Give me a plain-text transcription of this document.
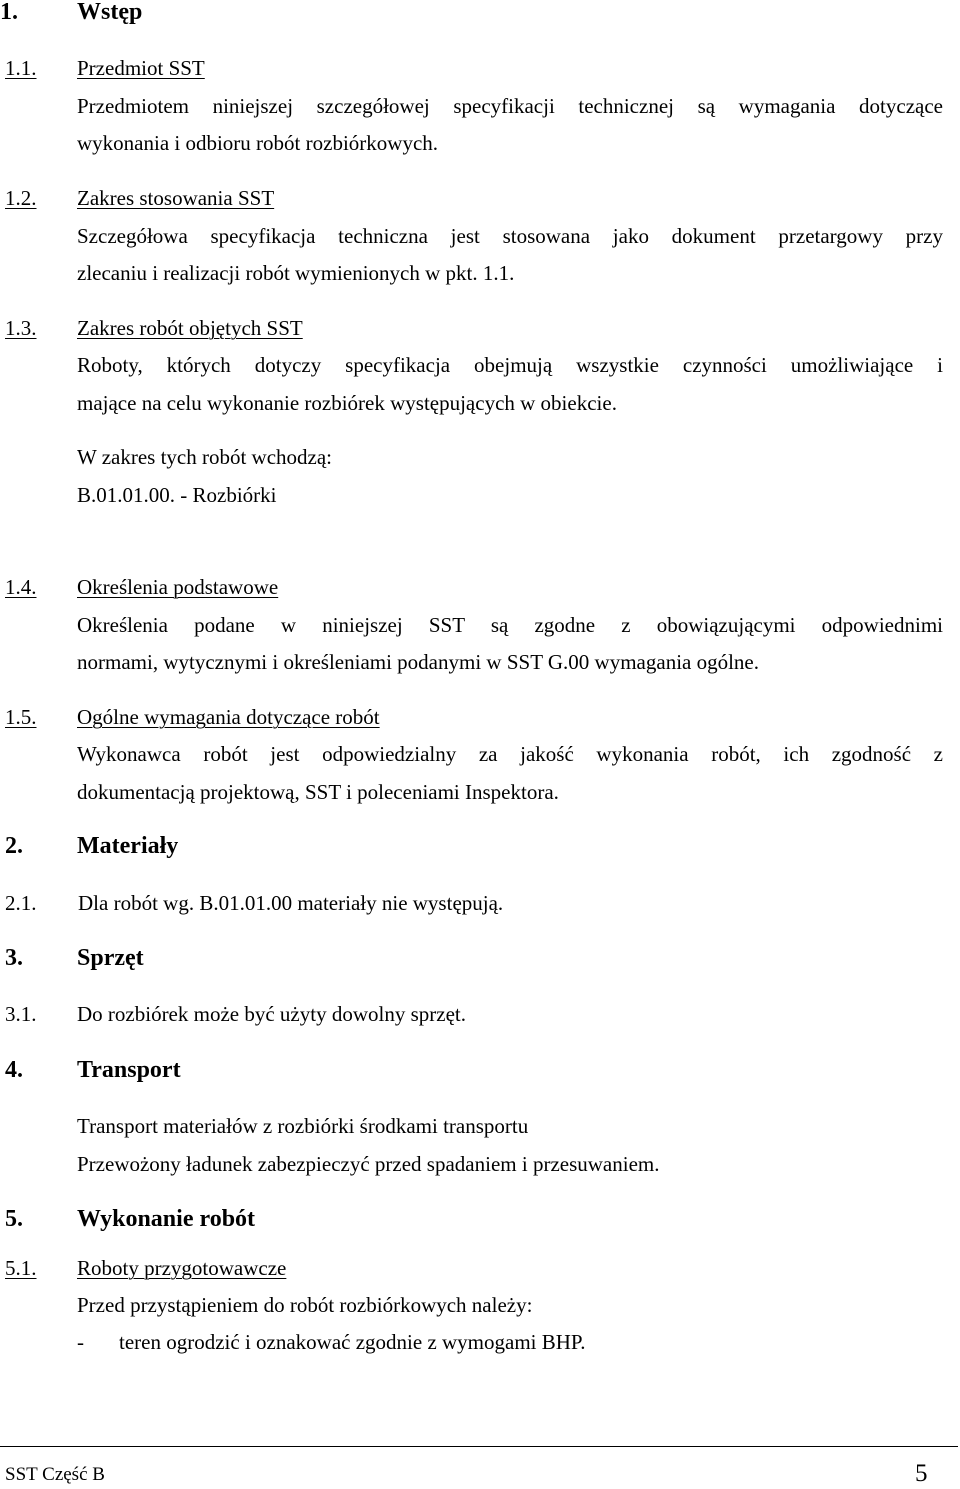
1. Wstęp
1.1. Przedmiot SST
Przedmiotem niniejszej szczegółowej specyfikacji technicznej są wymagania dotyczące
wykonania i odbioru robót rozbiórkowych.
1.2. Zakres stosowania SST
Szczegółowa specyfikacja techniczna jest stosowana jako dokument przetargowy przy
zlecaniu i realizacji robót wymienionych w pkt. 1.1.
1.3. Zakres robót objętych SST
Roboty, których dotyczy specyfikacja obejmują wszystkie czynności umożliwiające i
mające na celu wykonanie rozbiórek występujących w obiekcie.
W zakres tych robót wchodzą:
B.01.01.00. - Rozbiórki
1.4. Określenia podstawowe
Określenia podane w niniejszej SST są zgodne z obowiązującymi odpowiednimi
normami, wytycznymi i określeniami podanymi w SST G.00 wymagania ogólne.
1.5. Ogólne wymagania dotyczące robót
Wykonawca robót jest odpowiedzialny za jakość wykonania robót, ich zgodność z
dokumentacją projektową, SST i poleceniami Inspektora.
2. Materiały
2.1. Dla robót wg. B.01.01.00 materiały nie występują.
3. Sprzęt
3.1. Do rozbiórek może być użyty dowolny sprzęt.
4. Transport
Transport materiałów z rozbiórki środkami transportu
Przewożony ładunek zabezpieczyć przed spadaniem i przesuwaniem.
5. Wykonanie robót
5.1. Roboty przygotowawcze
Przed przystąpieniem do robót rozbiórkowych należy:
- teren ogrodzić i oznakować zgodnie z wymogami BHP.
SST Część B	5
